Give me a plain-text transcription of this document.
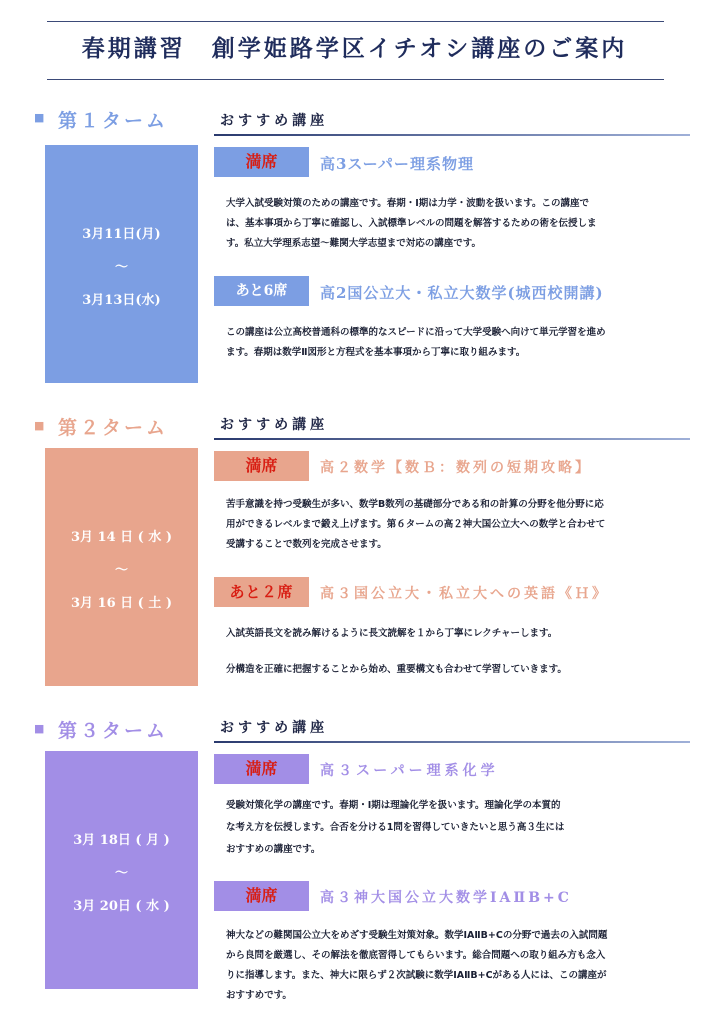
春期講習　創学姫路学区イチオシ講座のご案内
■ 第１ターム	おすすめ講座
3月11日(月)
～
3月13日(水)
満席	高3スーパー理系物理
大学入試受験対策のための講座です。春期・Ⅰ期は力学・波動を扱います。この講座で
は、基本事項から丁寧に確認し、入試標準レベルの問題を解答するための術を伝授しま
す。私立大学理系志望～難関大学志望まで対応の講座です。
あと6席	高2国公立大・私立大数学(城西校開講)
この講座は公立高校普通科の標準的なスピードに沿って大学受験へ向けて単元学習を進め
ます。春期は数学Ⅱ図形と方程式を基本事項から丁寧に取り組みます。
■ 第２ターム	おすすめ講座
3月 14 日 ( 水 )
～
3月 16 日 ( 土 )
満席	高２数学【数Ｂ：数列の短期攻略】
苦手意識を持つ受験生が多い、数学B数列の基礎部分である和の計算の分野を他分野に応
用ができるレベルまで鍛え上げます。第６タームの高２神大国公立大への数学と合わせて
受講することで数列を完成させます。
あと２席	高３国公立大・私立大への英語《Ｈ》
入試英語長文を読み解けるように長文読解を１から丁寧にレクチャーします。
分構造を正確に把握することから始め、重要構文も合わせて学習していきます。
■ 第３ターム	おすすめ講座
3月 18日 ( 月 )
～
3月 20日 ( 水 )
満席	高３スーパー理系化学
受験対策化学の講座です。春期・Ⅰ期は理論化学を扱います。理論化学の本質的
な考え方を伝授します。合否を分ける1問を習得していきたいと思う高３生には
おすすめの講座です。
満席	高３神大国公立大数学ⅠAⅡB+C
神大などの難関国公立大をめざす受験生対策対象。数学ⅠAⅡB+Cの分野で過去の入試問題
から良問を厳選し、その解法を徹底習得してもらいます。総合問題への取り組み方も念入
りに指導します。また、神大に限らず２次試験に数学ⅠAⅡB+Cがある人には、この講座が
おすすめです。
